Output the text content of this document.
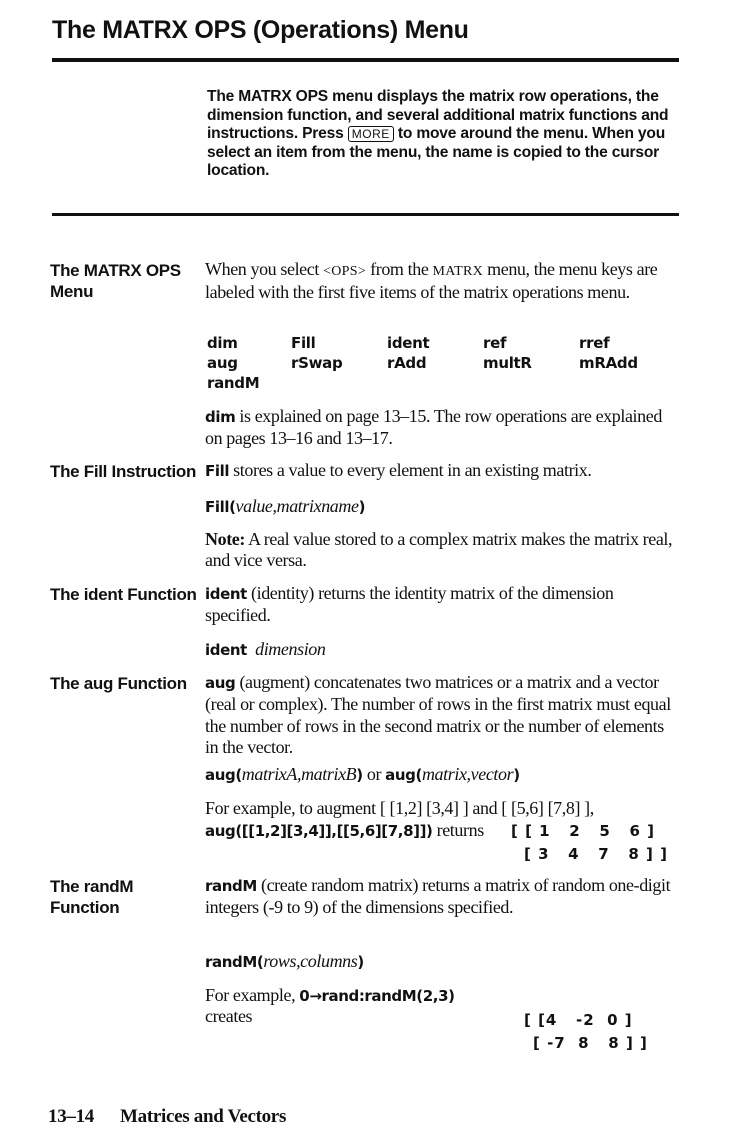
The MATRX OPS (Operations) Menu
The MATRX OPS menu displays the matrix row operations, the dimension function, and several additional matrix functions and instructions. Press MORE to move around the menu. When you select an item from the menu, the name is copied to the cursor location.
The MATRX OPS Menu
When you select <OPS> from the MATRX menu, the menu keys are labeled with the first five items of the matrix operations menu.
dim	Fill	ident	ref	rref
aug	rSwap	rAdd	multR	mRAdd
randM
dim is explained on page 13–15. The row operations are explained on pages 13–16 and 13–17.
The Fill Instruction Fill stores a value to every element in an existing matrix.
Fill(value,matrixname)
Note: A real value stored to a complex matrix makes the matrix real, and vice versa.
The ident Function ident (identity) returns the identity matrix of the dimension specified.
ident dimension
The aug Function	aug (augment) concatenates two matrices or a matrix and a vector (real or complex). The number of rows in the first matrix must equal the number of rows in the second matrix or the number of elements in the vector.
aug(matrixA,matrixB) or aug(matrix,vector)
For example, to augment [ [1,2] [3,4] ] and [ [5,6] [7,8] ],
aug([[1,2][3,4]],[[5,6][7,8]]) returns	[ [ 1   2   5   6 ]
[ 3   4   7   8 ] ]
The randM Function
randM (create random matrix) returns a matrix of random one-digit integers (-9 to 9) of the dimensions specified.
randM(rows,columns)
For example, 0→rand:randM(2,3)
creates	[ [4   -2  0 ]
[ -7  8   8 ] ]
13–14 Matrices and Vectors
